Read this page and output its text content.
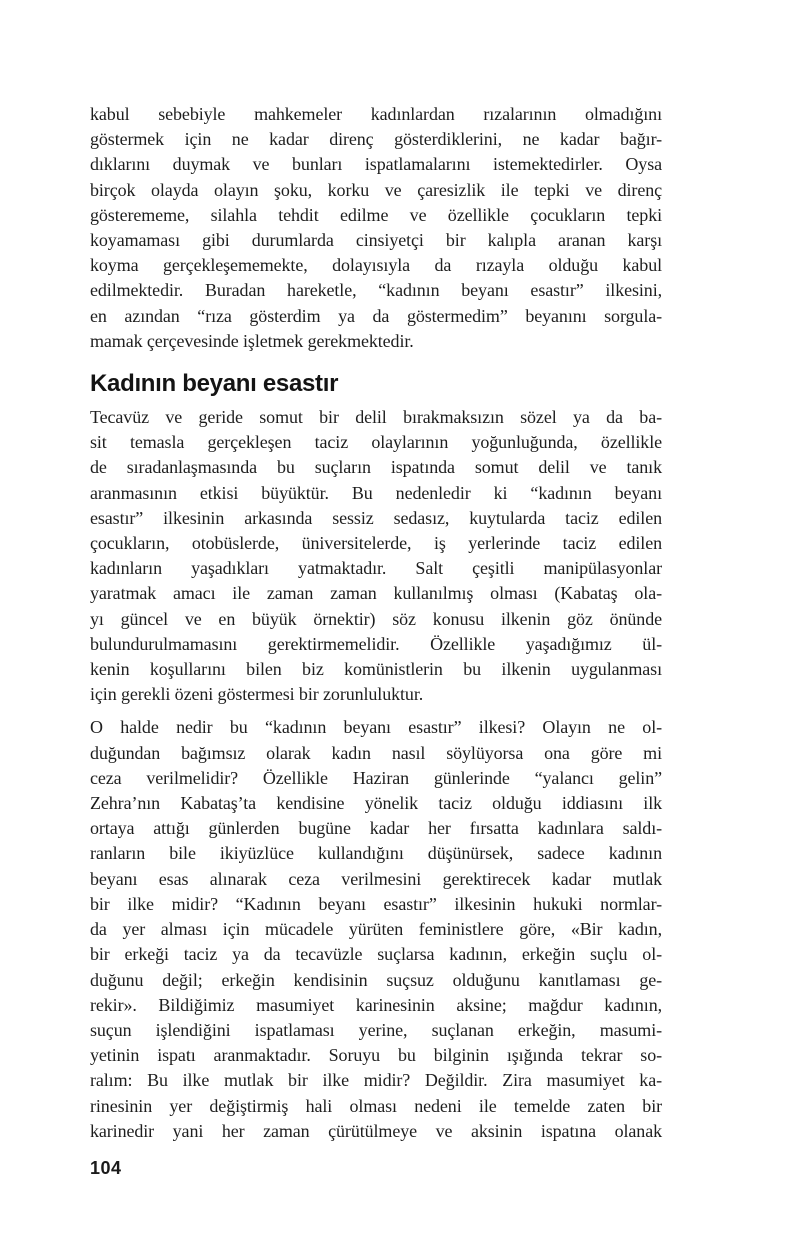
kabul sebebiyle mahkemeler kadınlardan rızalarının olmadığını
göstermek için ne kadar direnç gösterdiklerini, ne kadar bağır-
dıklarını duymak ve bunları ispatlamalarını istemektedirler. Oysa
birçok olayda olayın şoku, korku ve çaresizlik ile tepki ve direnç
gösterememe, silahla tehdit edilme ve özellikle çocukların tepki
koyamaması gibi durumlarda cinsiyetçi bir kalıpla aranan karşı
koyma gerçekleşememekte, dolayısıyla da rızayla olduğu kabul
edilmektedir. Buradan hareketle, “kadının beyanı esastır” ilkesini,
en azından “rıza gösterdim ya da göstermedim” beyanını sorgula-
mamak çerçevesinde işletmek gerekmektedir.

Kadının beyanı esastır

Tecavüz ve geride somut bir delil bırakmaksızın sözel ya da ba-
sit temasla gerçekleşen taciz olaylarının yoğunluğunda, özellikle
de sıradanlaşmasında bu suçların ispatında somut delil ve tanık
aranmasının etkisi büyüktür. Bu nedenledir ki “kadının beyanı
esastır” ilkesinin arkasında sessiz sedasız, kuytularda taciz edilen
çocukların, otobüslerde, üniversitelerde, iş yerlerinde taciz edilen
kadınların yaşadıkları yatmaktadır. Salt çeşitli manipülasyonlar
yaratmak amacı ile zaman zaman kullanılmış olması (Kabataş ola-
yı güncel ve en büyük örnektir) söz konusu ilkenin göz önünde
bulundurulmamasını gerektirmemelidir. Özellikle yaşadığımız ül-
kenin koşullarını bilen biz komünistlerin bu ilkenin uygulanması
için gerekli özeni göstermesi bir zorunluluktur.

O halde nedir bu “kadının beyanı esastır” ilkesi? Olayın ne ol-
duğundan bağımsız olarak kadın nasıl söylüyorsa ona göre mi
ceza verilmelidir? Özellikle Haziran günlerinde “yalancı gelin”
Zehra’nın Kabataş’ta kendisine yönelik taciz olduğu iddiasını ilk
ortaya attığı günlerden bugüne kadar her fırsatta kadınlara saldı-
ranların bile ikiyüzlüce kullandığını düşünürsek, sadece kadının
beyanı esas alınarak ceza verilmesini gerektirecek kadar mutlak
bir ilke midir? “Kadının beyanı esastır” ilkesinin hukuki normlar-
da yer alması için mücadele yürüten feministlere göre, «Bir kadın,
bir erkeği taciz ya da tecavüzle suçlarsa kadının, erkeğin suçlu ol-
duğunu değil; erkeğin kendisinin suçsuz olduğunu kanıtlaması ge-
rekir». Bildiğimiz masumiyet karinesinin aksine; mağdur kadının,
suçun işlendiğini ispatlaması yerine, suçlanan erkeğin, masumi-
yetinin ispatı aranmaktadır. Soruyu bu bilginin ışığında tekrar so-
ralım: Bu ilke mutlak bir ilke midir? Değildir. Zira masumiyet ka-
rinesinin yer değiştirmiş hali olması nedeni ile temelde zaten bir
karinedir yani her zaman çürütülmeye ve aksinin ispatına olanak

104
